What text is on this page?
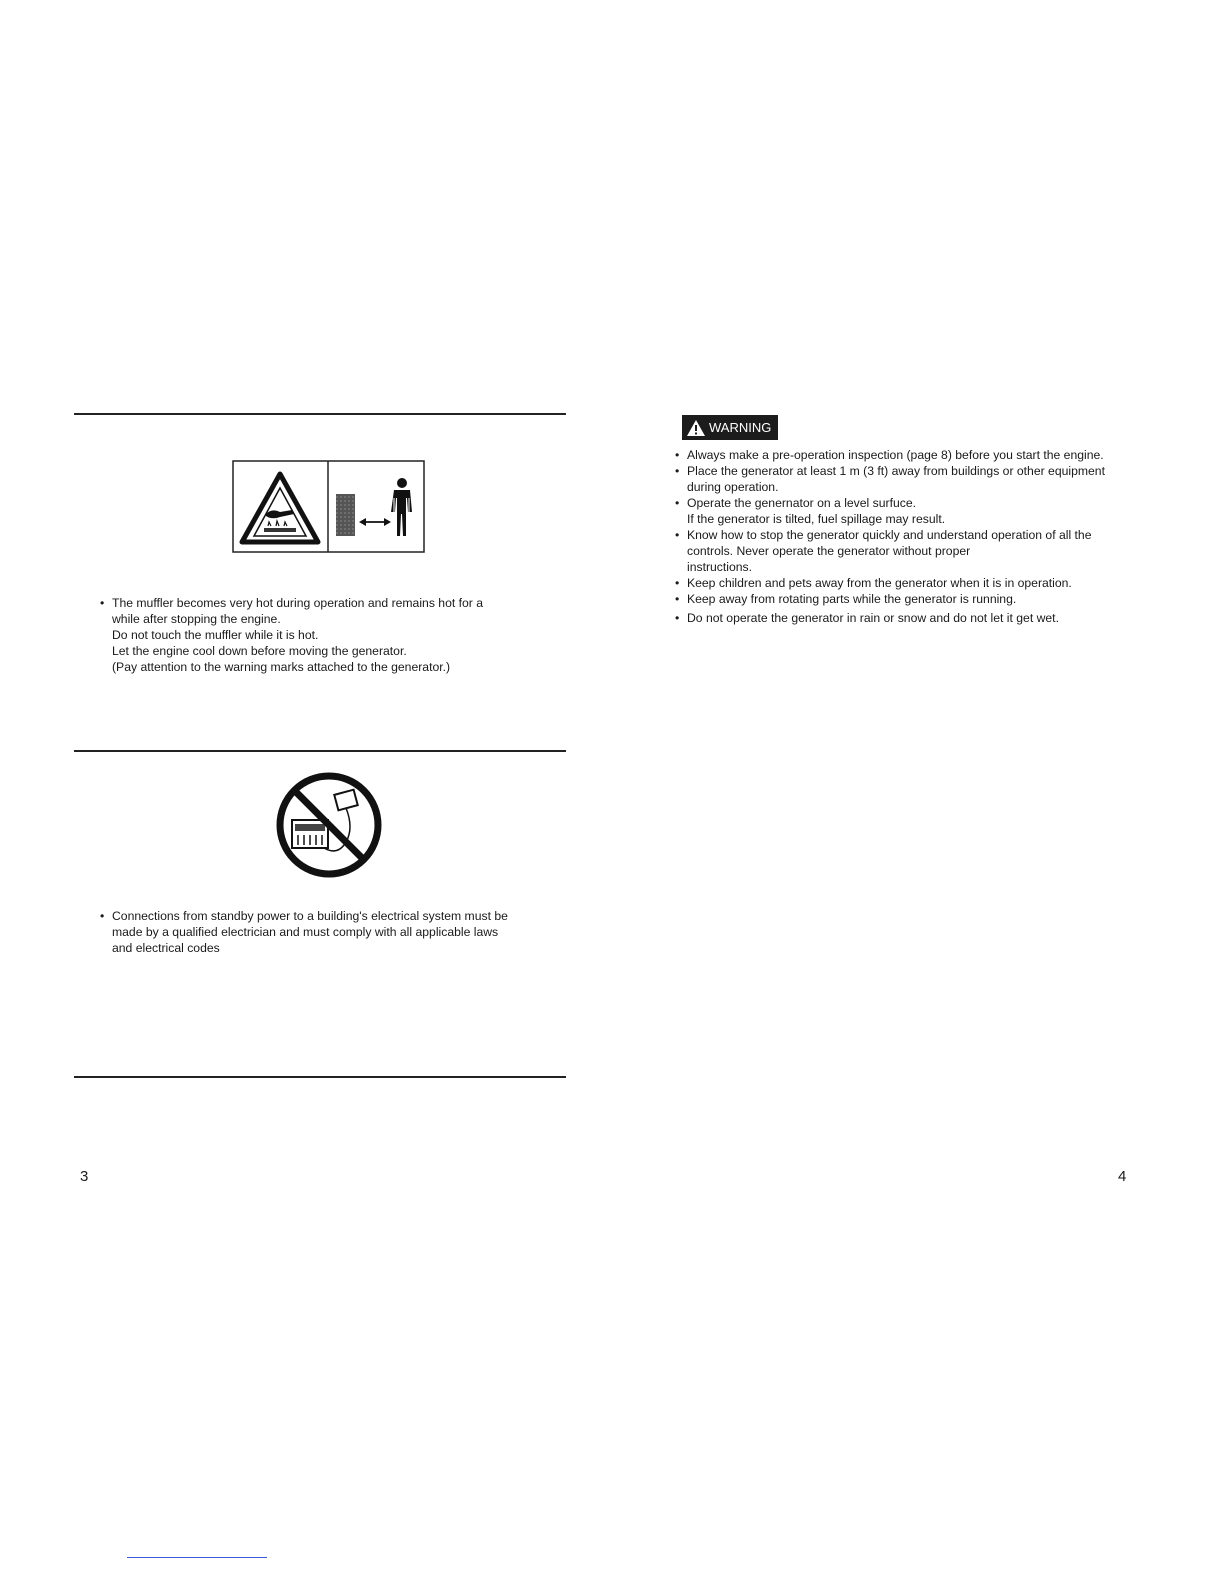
• The muffler becomes very hot during operation and remains hot for a
while after stopping the engine.
Do not touch the muffler while it is hot.
Let the engine cool down before moving the generator.
(Pay attention to the warning marks attached to the generator.)
• Connections from standby power to a building's electrical system must be
made by a qualified electrician and must comply with all applicable laws
and electrical codes
3
WARNING
• Always make a pre-operation inspection (page 8) before you start the engine.
• Place the generator at least 1 m (3 ft) away from buildings or other equipment
during operation.
• Operate the genernator on a level surfuce.
If the generator is tilted, fuel spillage may result.
• Know how to stop the generator quickly and understand operation of all the
controls. Never operate the generator without proper
instructions.
• Keep children and pets away from the generator when it is in operation.
• Keep away from rotating parts while the generator is running.
• Do not operate the generator in rain or snow and do not let it get wet.
4
